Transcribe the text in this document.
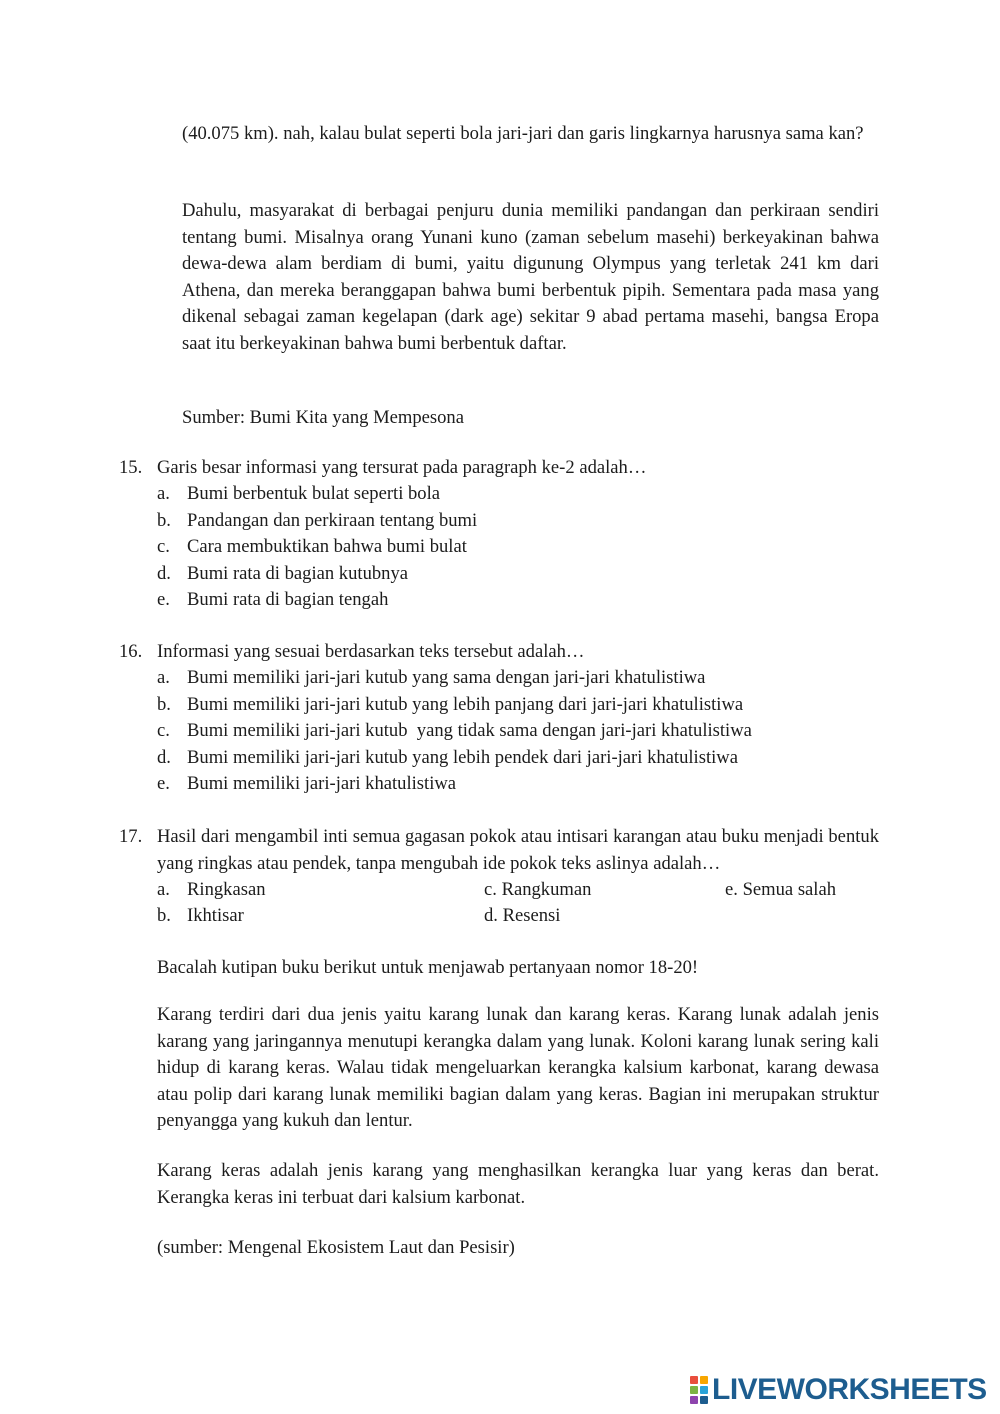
(40.075 km). nah, kalau bulat seperti bola jari-jari dan garis lingkarnya harusnya sama kan?
Dahulu, masyarakat di berbagai penjuru dunia memiliki pandangan dan perkiraan sendiri tentang bumi. Misalnya orang Yunani kuno (zaman sebelum masehi) berkeyakinan bahwa dewa-dewa alam berdiam di bumi, yaitu digunung Olympus yang terletak 241 km dari Athena, dan mereka beranggapan bahwa bumi berbentuk pipih. Sementara pada masa yang dikenal sebagai zaman kegelapan (dark age) sekitar 9 abad pertama masehi, bangsa Eropa saat itu berkeyakinan bahwa bumi berbentuk daftar.
Sumber: Bumi Kita yang Mempesona
15. Garis besar informasi yang tersurat pada paragraph ke-2 adalah…
a. Bumi berbentuk bulat seperti bola
b. Pandangan dan perkiraan tentang bumi
c. Cara membuktikan bahwa bumi bulat
d. Bumi rata di bagian kutubnya
e. Bumi rata di bagian tengah
16. Informasi yang sesuai berdasarkan teks tersebut adalah…
a. Bumi memiliki jari-jari kutub yang sama dengan jari-jari khatulistiwa
b. Bumi memiliki jari-jari kutub yang lebih panjang dari jari-jari khatulistiwa
c. Bumi memiliki jari-jari kutub  yang tidak sama dengan jari-jari khatulistiwa
d. Bumi memiliki jari-jari kutub yang lebih pendek dari jari-jari khatulistiwa
e. Bumi memiliki jari-jari khatulistiwa
17. Hasil dari mengambil inti semua gagasan pokok atau intisari karangan atau buku menjadi bentuk yang ringkas atau pendek, tanpa mengubah ide pokok teks aslinya adalah…
a. Ringkasan
b. Ikhtisar
c. Rangkuman
d. Resensi
e. Semua salah
Bacalah kutipan buku berikut untuk menjawab pertanyaan nomor 18-20!
Karang terdiri dari dua jenis yaitu karang lunak dan karang keras. Karang lunak adalah jenis karang yang jaringannya menutupi kerangka dalam yang lunak. Koloni karang lunak sering kali hidup di karang keras. Walau tidak mengeluarkan kerangka kalsium karbonat, karang dewasa atau polip dari karang lunak memiliki bagian dalam yang keras. Bagian ini merupakan struktur penyangga yang kukuh dan lentur.
Karang keras adalah jenis karang yang menghasilkan kerangka luar yang keras dan berat. Kerangka keras ini terbuat dari kalsium karbonat.
(sumber: Mengenal Ekosistem Laut dan Pesisir)
LIVEWORKSHEETS
